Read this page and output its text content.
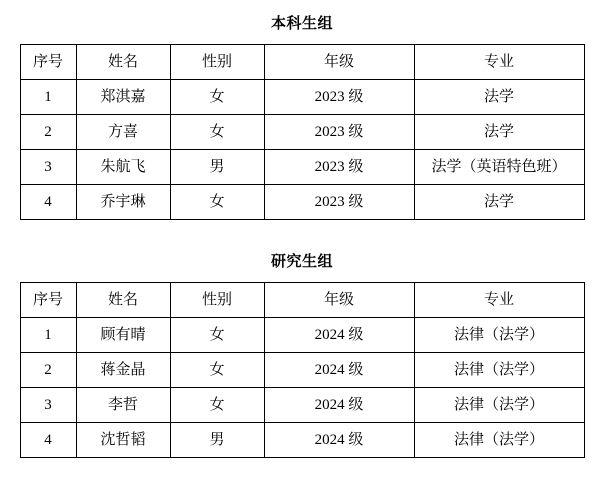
本科生组
序号	姓名	性别	年级	专业
1	郑淇嘉	女	2023 级	法学
2	方喜	女	2023 级	法学
3	朱航飞	男	2023 级	法学（英语特色班）
4	乔宇琳	女	2023 级	法学
研究生组
序号	姓名	性别	年级	专业
1	顾有晴	女	2024 级	法律（法学）
2	蒋金晶	女	2024 级	法律（法学）
3	李哲	女	2024 级	法律（法学）
4	沈哲韬	男	2024 级	法律（法学）
